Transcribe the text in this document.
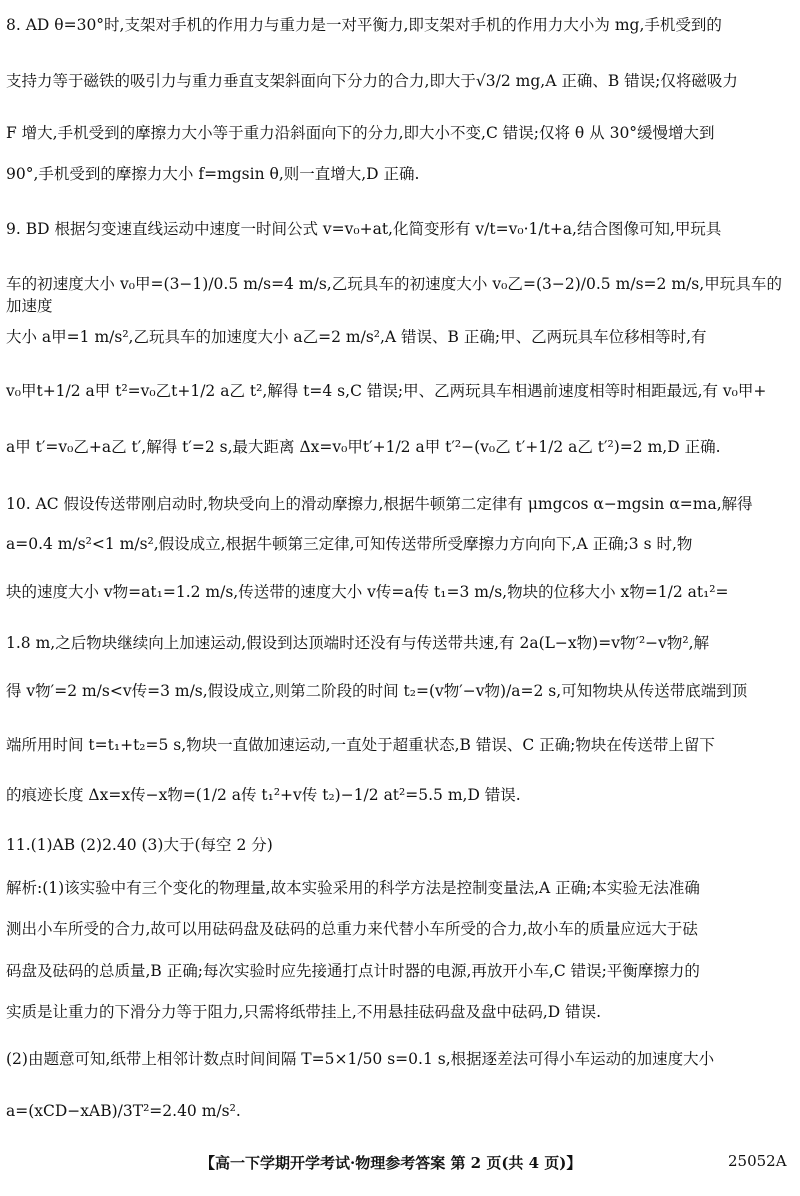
8. AD θ=30°时,支架对手机的作用力与重力是一对平衡力,即支架对手机的作用力大小为 mg,手机受到的
支持力等于磁铁的吸引力与重力垂直支架斜面向下分力的合力,即大于√3/2 mg,A 正确、B 错误;仅将磁吸力
F 增大,手机受到的摩擦力大小等于重力沿斜面向下的分力,即大小不变,C 错误;仅将 θ 从 30°缓慢增大到
90°,手机受到的摩擦力大小 f=mgsin θ,则一直增大,D 正确.
9. BD 根据匀变速直线运动中速度一时间公式 v=v₀+at,化简变形有 v/t=v₀·1/t+a,结合图像可知,甲玩具
车的初速度大小 v₀甲=(3−1)/0.5 m/s=4 m/s,乙玩具车的初速度大小 v₀乙=(3−2)/0.5 m/s=2 m/s,甲玩具车的加速度
大小 a甲=1 m/s²,乙玩具车的加速度大小 a乙=2 m/s²,A 错误、B 正确;甲、乙两玩具车位移相等时,有
v₀甲t+1/2 a甲 t²=v₀乙t+1/2 a乙 t²,解得 t=4 s,C 错误;甲、乙两玩具车相遇前速度相等时相距最远,有 v₀甲+
a甲 t′=v₀乙+a乙 t′,解得 t′=2 s,最大距离 Δx=v₀甲t′+1/2 a甲 t′²−(v₀乙 t′+1/2 a乙 t′²)=2 m,D 正确.
10. AC 假设传送带刚启动时,物块受向上的滑动摩擦力,根据牛顿第二定律有 μmgcos α−mgsin α=ma,解得
a=0.4 m/s²<1 m/s²,假设成立,根据牛顿第三定律,可知传送带所受摩擦力方向向下,A 正确;3 s 时,物
块的速度大小 v物=at₁=1.2 m/s,传送带的速度大小 v传=a传 t₁=3 m/s,物块的位移大小 x物=1/2 at₁²=
1.8 m,之后物块继续向上加速运动,假设到达顶端时还没有与传送带共速,有 2a(L−x物)=v物′²−v物²,解
得 v物′=2 m/s<v传=3 m/s,假设成立,则第二阶段的时间 t₂=(v物′−v物)/a=2 s,可知物块从传送带底端到顶
端所用时间 t=t₁+t₂=5 s,物块一直做加速运动,一直处于超重状态,B 错误、C 正确;物块在传送带上留下
的痕迹长度 Δx=x传−x物=(1/2 a传 t₁²+v传 t₂)−1/2 at²=5.5 m,D 错误.
11.(1)AB (2)2.40 (3)大于(每空 2 分)
解析:(1)该实验中有三个变化的物理量,故本实验采用的科学方法是控制变量法,A 正确;本实验无法准确
测出小车所受的合力,故可以用砝码盘及砝码的总重力来代替小车所受的合力,故小车的质量应远大于砝
码盘及砝码的总质量,B 正确;每次实验时应先接通打点计时器的电源,再放开小车,C 错误;平衡摩擦力的
实质是让重力的下滑分力等于阻力,只需将纸带挂上,不用悬挂砝码盘及盘中砝码,D 错误.
(2)由题意可知,纸带上相邻计数点时间间隔 T=5×1/50 s=0.1 s,根据逐差法可得小车运动的加速度大小
a=(xCD−xAB)/3T²=2.40 m/s².
【高一下学期开学考试·物理参考答案 第 2 页(共 4 页)】	25052A
